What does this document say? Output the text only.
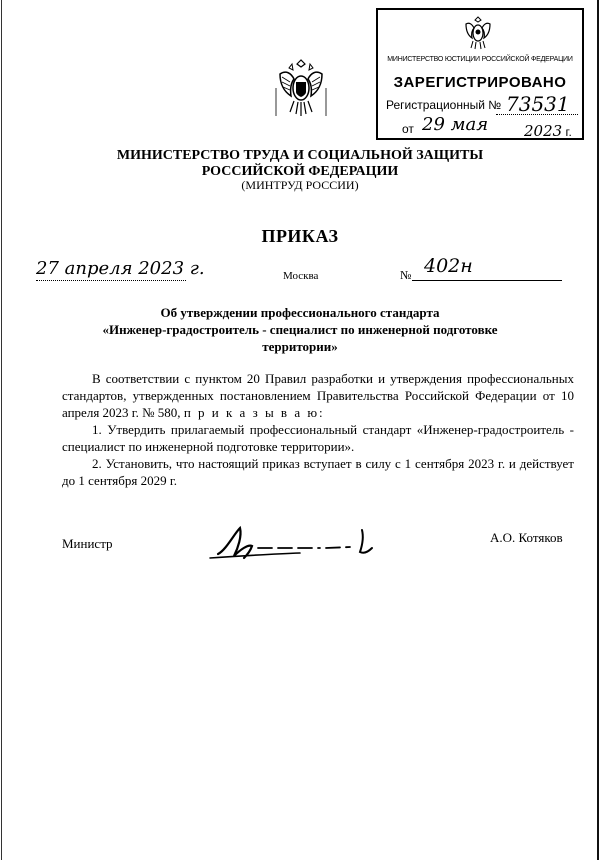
МИНИСТЕРСТВО ЮСТИЦИИ РОССИЙСКОЙ ФЕДЕРАЦИИ
ЗАРЕГИСТРИРОВАНО
Регистрационный № 73531
от 29 мая 2023 г.
МИНИСТЕРСТВО ТРУДА И СОЦИАЛЬНОЙ ЗАЩИТЫ
РОССИЙСКОЙ ФЕДЕРАЦИИ
(МИНТРУД РОССИИ)
ПРИКАЗ
27 апреля 2023 г.	Москва	№ 402н
Об утверждении профессионального стандарта
«Инженер-градостроитель - специалист по инженерной подготовке
территории»

В соответствии с пунктом 20 Правил разработки и утверждения профессиональных стандартов, утвержденных постановлением Правительства Российской Федерации от 10 апреля 2023 г. № 580, п р и к а з ы в а ю:

1. Утвердить прилагаемый профессиональный стандарт «Инженер-градостроитель - специалист по инженерной подготовке территории».

2. Установить, что настоящий приказ вступает в силу с 1 сентября 2023 г. и действует до 1 сентября 2029 г.

Министр	А.О. Котяков
